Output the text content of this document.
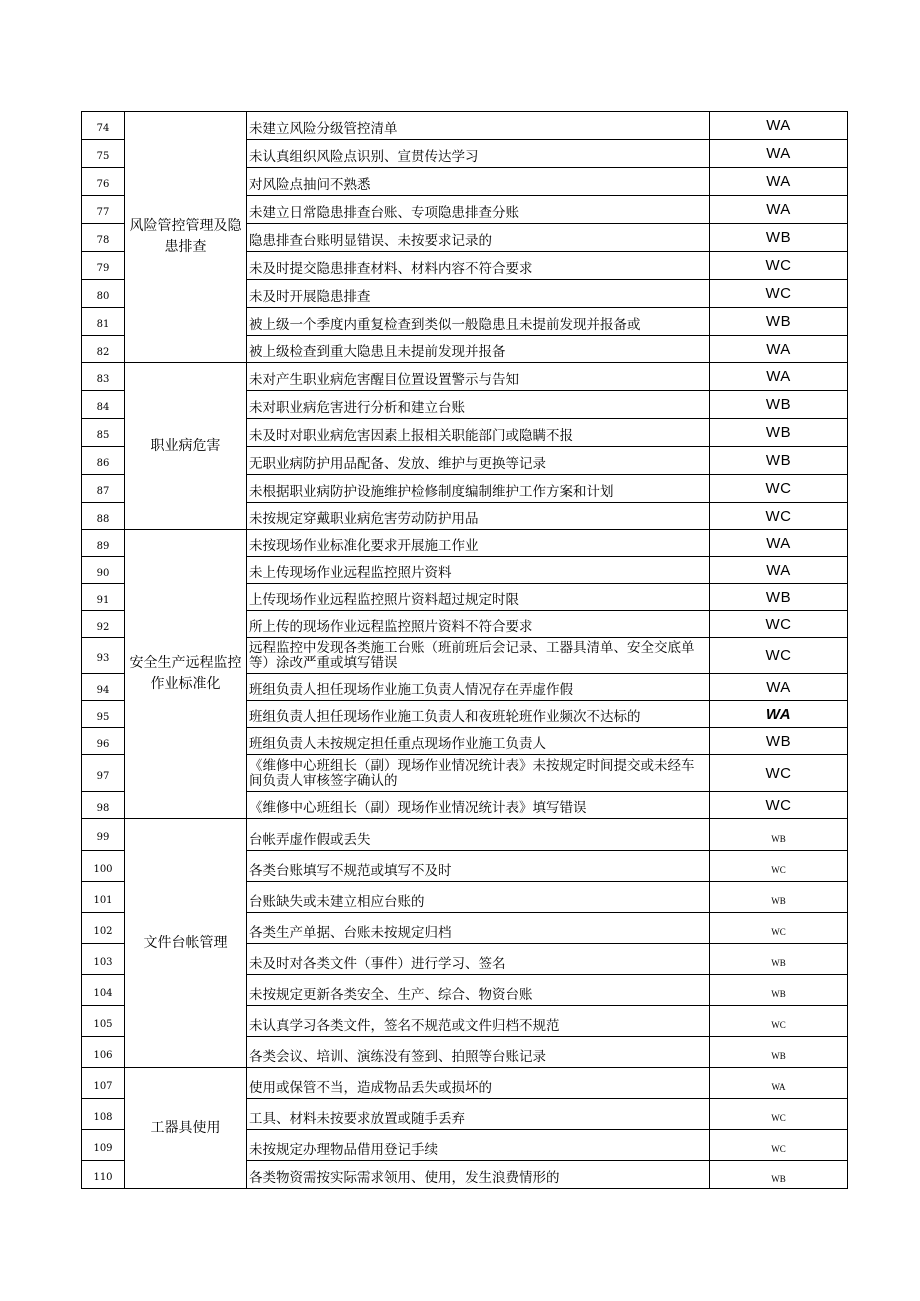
74	风险管控管理及隐患排查	未建立风险分级管控清单	WA
75		未认真组织风险点识别、宣贯传达学习	WA
76		对风险点抽问不熟悉	WA
77		未建立日常隐患排查台账、专项隐患排查分账	WA
78		隐患排查台账明显错误、未按要求记录的	WB
79		未及时提交隐患排查材料、材料内容不符合要求	WC
80		未及时开展隐患排查	WC
81		被上级一个季度内重复检查到类似一般隐患且未提前发现并报备或	WB
82		被上级检查到重大隐患且未提前发现并报备	WA
83	职业病危害	未对产生职业病危害醒目位置设置警示与告知	WA
84		未对职业病危害进行分析和建立台账	WB
85		未及时对职业病危害因素上报相关职能部门或隐瞒不报	WB
86		无职业病防护用品配备、发放、维护与更换等记录	WB
87		未根据职业病防护设施维护检修制度编制维护工作方案和计划	WC
88		未按规定穿戴职业病危害劳动防护用品	WC
89	安全生产远程监控作业标准化	未按现场作业标准化要求开展施工作业	WA
90		未上传现场作业远程监控照片资料	WA
91		上传现场作业远程监控照片资料超过规定时限	WB
92		所上传的现场作业远程监控照片资料不符合要求	WC
93		远程监控中发现各类施工台账（班前班后会记录、工器具清单、安全交底单等）涂改严重或填写错误	WC
94		班组负责人担任现场作业施工负责人情况存在弄虚作假	WA
95		班组负责人担任现场作业施工负责人和夜班轮班作业频次不达标的	WA
96		班组负责人未按规定担任重点现场作业施工负责人	WB
97		《维修中心班组长（副）现场作业情况统计表》未按规定时间提交或未经车间负责人审核签字确认的	WC
98		《维修中心班组长（副）现场作业情况统计表》填写错误	WC
99	文件台帐管理	台帐弄虚作假或丢失	WB
100		各类台账填写不规范或填写不及时	WC
101		台账缺失或未建立相应台账的	WB
102		各类生产单据、台账未按规定归档	WC
103		未及时对各类文件（事件）进行学习、签名	WB
104		未按规定更新各类安全、生产、综合、物资台账	WB
105		未认真学习各类文件，签名不规范或文件归档不规范	WC
106		各类会议、培训、演练没有签到、拍照等台账记录	WB
107	工器具使用	使用或保管不当，造成物品丢失或损坏的	WA
108		工具、材料未按要求放置或随手丢弃	WC
109		未按规定办理物品借用登记手续	WC
110		各类物资需按实际需求领用、使用，发生浪费情形的	WB
